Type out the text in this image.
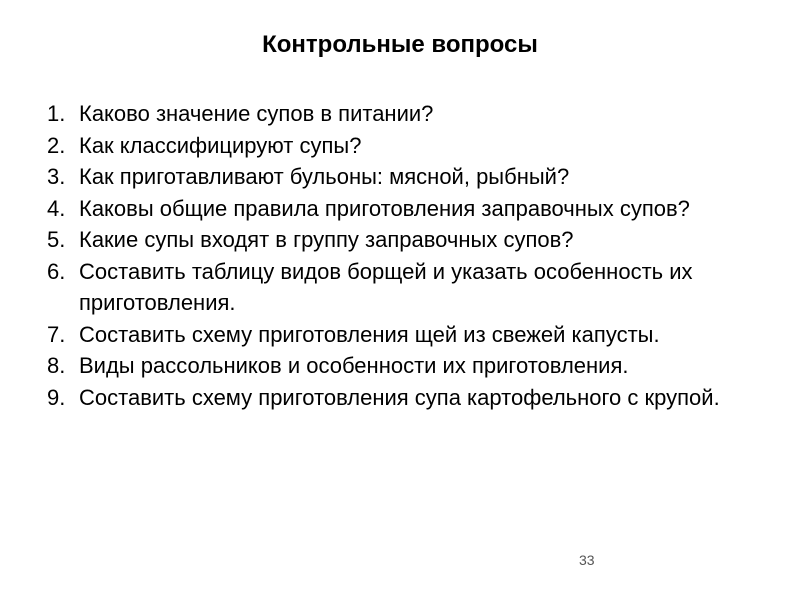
Контрольные вопросы
1. Каково значение супов в питании?
2. Как классифицируют супы?
3. Как приготавливают бульоны: мясной, рыбный?
4. Каковы общие правила приготовления заправочных супов?
5. Какие супы входят в группу заправочных супов?
6. Составить таблицу видов борщей и указать особенность их приготовления.
7. Составить схему приготовления щей из свежей капусты.
8. Виды рассольников и особенности их приготовления.
9. Составить схему приготовления супа картофельного с крупой.
33
